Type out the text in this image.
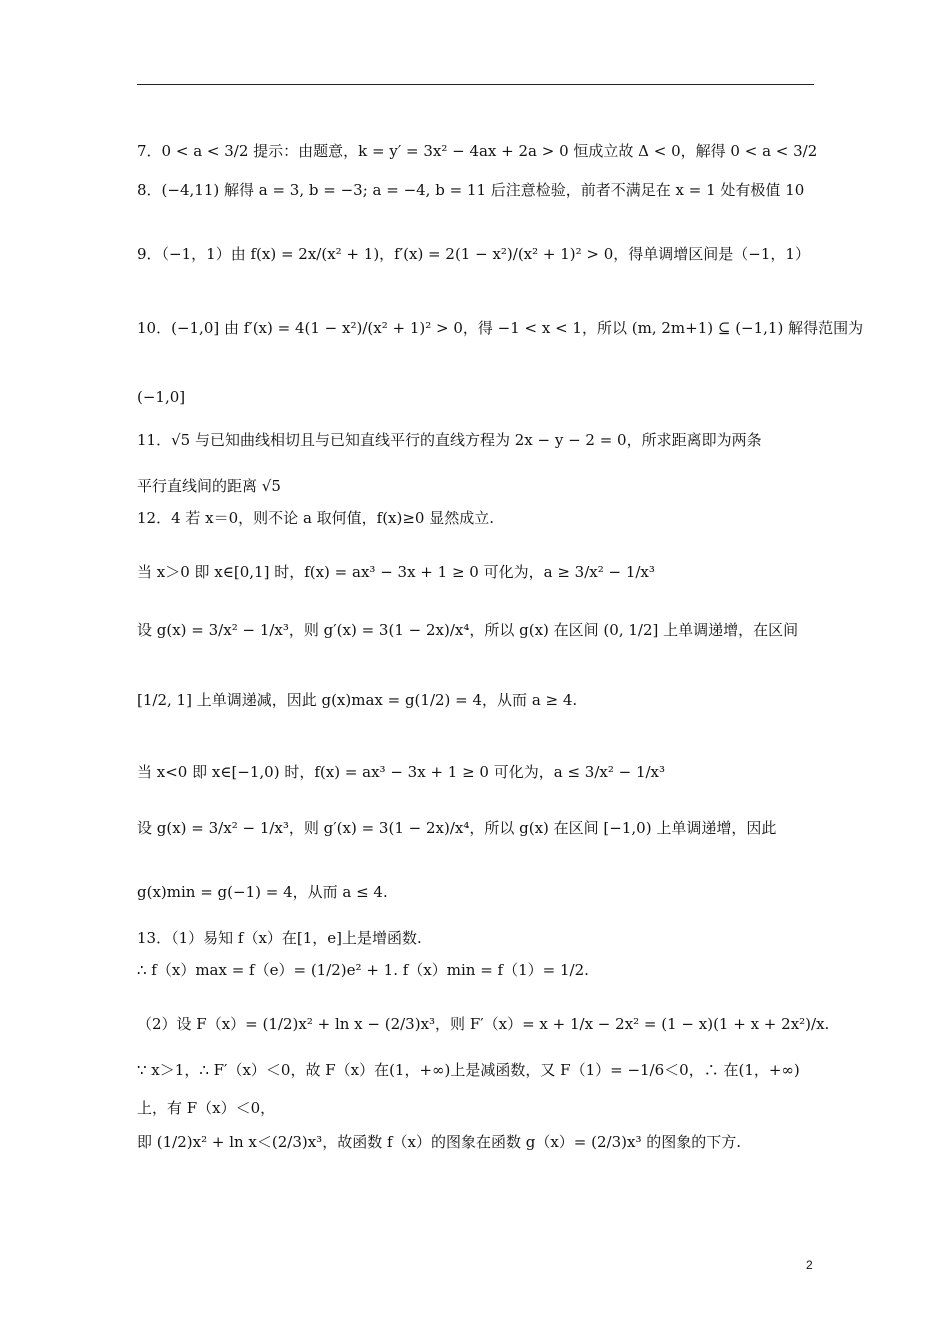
7．0 < a < 3/2 提示：由题意，k = y′ = 3x² − 4ax + 2a > 0 恒成立故 Δ < 0，解得 0 < a < 3/2
8．(−4,11) 解得 a = 3, b = −3; a = −4, b = 11 后注意检验，前者不满足在 x = 1 处有极值 10
9．（−1，1）由 f(x) = 2x/(x² + 1)，f′(x) = 2(1 − x²)/(x² + 1)² > 0，得单调增区间是（−1，1）
10．(−1,0] 由 f′(x) = 4(1 − x²)/(x² + 1)² > 0，得 −1 < x < 1，所以 (m, 2m+1) ⊆ (−1,1) 解得范围为
(−1,0]
11．√5 与已知曲线相切且与已知直线平行的直线方程为 2x − y − 2 = 0，所求距离即为两条
平行直线间的距离 √5
12．4 若 x＝0，则不论 a 取何值，f(x)≥0 显然成立.
当 x＞0 即 x∈[0,1] 时，f(x) = ax³ − 3x + 1 ≥ 0 可化为，a ≥ 3/x² − 1/x³
设 g(x) = 3/x² − 1/x³，则 g′(x) = 3(1 − 2x)/x⁴，所以 g(x) 在区间 (0, 1/2] 上单调递增，在区间
[1/2, 1] 上单调递减，因此 g(x)max = g(1/2) = 4，从而 a ≥ 4.
当 x<0 即 x∈[−1,0) 时，f(x) = ax³ − 3x + 1 ≥ 0 可化为，a ≤ 3/x² − 1/x³
设 g(x) = 3/x² − 1/x³，则 g′(x) = 3(1 − 2x)/x⁴，所以 g(x) 在区间 [−1,0) 上单调递增，因此
g(x)min = g(−1) = 4，从而 a ≤ 4.
13．（1）易知 f（x）在[1，e]上是增函数.
∴ f（x）max = f（e）= (1/2)e² + 1. f（x）min = f（1）= 1/2.
（2）设 F（x）= (1/2)x² + ln x − (2/3)x³，则 F′（x）= x + 1/x − 2x² = (1 − x)(1 + x + 2x²)/x.
∵ x＞1，∴ F′（x）＜0，故 F（x）在(1，+∞)上是减函数，又 F（1）= −1/6＜0，∴ 在(1，+∞)
上，有 F（x）＜0，
即 (1/2)x² + ln x＜(2/3)x³，故函数 f（x）的图象在函数 g（x）= (2/3)x³ 的图象的下方.
2
